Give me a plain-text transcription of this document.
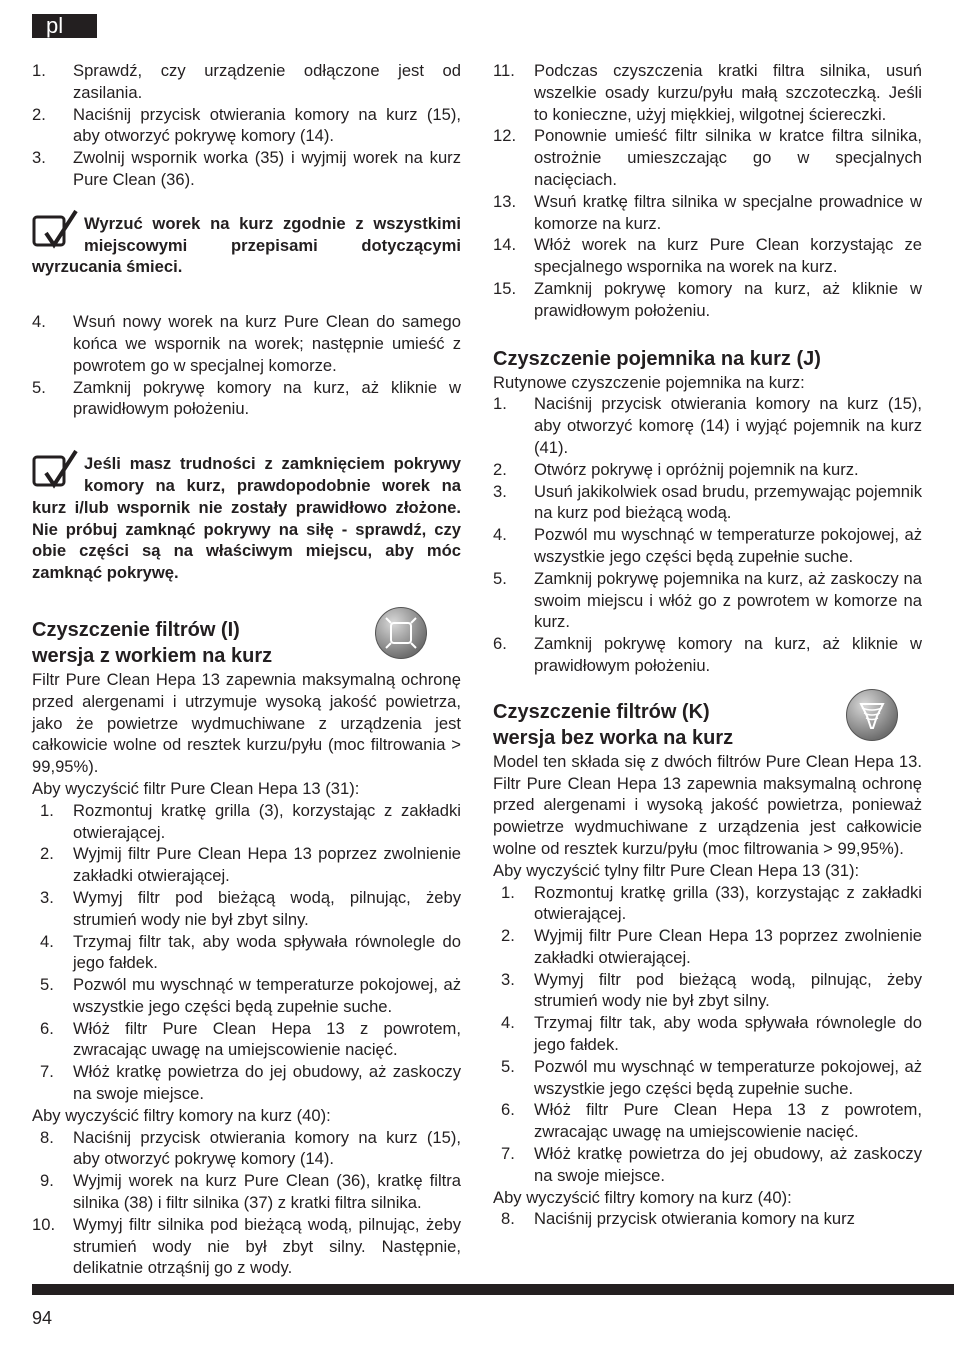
pl
1.	Sprawdź, czy urządzenie odłączone jest od zasilania.
2.	Naciśnij przycisk otwierania komory na kurz (15), aby otworzyć pokrywę komory (14).
3.	Zwolnij wspornik worka (35) i wyjmij worek na kurz Pure Clean (36).

Wyrzuć worek na kurz zgodnie z wszystkimi miejscowymi przepisami dotyczącymi wyrzucania śmieci.

4.	Wsuń nowy worek na kurz Pure Clean do samego końca we wspornik na worek; następnie umieść z powrotem go w specjalnej komorze.
5.	Zamknij pokrywę komory na kurz, aż kliknie w prawidłowym położeniu.

Jeśli masz trudności z zamknięciem pokrywy komory na kurz, prawdopodobnie worek na kurz i/lub wspornik nie zostały prawidłowo złożone. Nie próbuj zamknąć pokrywy na siłę - sprawdź, czy obie części są na właściwym miejscu, aby móc zamknąć pokrywę.

Czyszczenie filtrów (I)
wersja z workiem na kurz

Filtr Pure Clean Hepa 13 zapewnia maksymalną ochronę przed alergenami i utrzymuje wysoką jakość powietrza, jako że powietrze wydmuchiwane z urządzenia jest całkowicie wolne od resztek kurzu/pyłu (moc filtrowania > 99,95%).

Aby wyczyścić filtr Pure Clean Hepa 13 (31):

1.	Rozmontuj kratkę grilla (3), korzystając z zakładki otwierającej.
2.	Wyjmij filtr Pure Clean Hepa 13 poprzez zwolnienie zakładki otwierającej.
3.	Wymyj filtr pod bieżącą wodą, pilnując, żeby strumień wody nie był zbyt silny.
4.	Trzymaj filtr tak, aby woda spływała równolegle do jego fałdek.
5.	Pozwól mu wyschnąć w temperaturze pokojowej, aż wszystkie jego części będą zupełnie suche.
6.	Włóż filtr Pure Clean Hepa 13 z powrotem, zwracając uwagę na umiejscowienie nacięć.
7.	Włóż kratkę powietrza do jej obudowy, aż zaskoczy na swoje miejsce.

Aby wyczyścić filtry komory na kurz (40):

8.	Naciśnij przycisk otwierania komory na kurz (15), aby otworzyć pokrywę komory (14).
9.	Wyjmij worek na kurz Pure Clean (36), kratkę filtra silnika (38) i filtr silnika (37) z kratki filtra silnika.
10.	Wymyj filtr silnika pod bieżącą wodą, pilnując, żeby strumień wody nie był zbyt silny. Następnie, delikatnie otrząśnij go z wody.
11.	Podczas czyszczenia kratki filtra silnika, usuń wszelkie osady kurzu/pyłu małą szczoteczką. Jeśli to konieczne, użyj miękkiej, wilgotnej ściereczki.
12.	Ponownie umieść filtr silnika w kratce filtra silnika, ostrożnie umieszczając go w specjalnych nacięciach.
13.	Wsuń kratkę filtra silnika w specjalne prowadnice w komorze na kurz.
14.	Włóż worek na kurz Pure Clean korzystając ze specjalnego wspornika na worek na kurz.
15.	Zamknij pokrywę komory na kurz, aż kliknie w prawidłowym położeniu.
Czyszczenie pojemnika na kurz (J)

Rutynowe czyszczenie pojemnika na kurz:

1.	Naciśnij przycisk otwierania komory na kurz (15), aby otworzyć komorę (14) i wyjąć pojemnik na kurz (41).
2.	Otwórz pokrywę i opróżnij pojemnik na kurz.
3.	Usuń jakikolwiek osad brudu, przemywając pojemnik na kurz pod bieżącą wodą.
4.	Pozwól mu wyschnąć w temperaturze pokojowej, aż wszystkie jego części będą zupełnie suche.
5.	Zamknij pokrywę pojemnika na kurz, aż zaskoczy na swoim miejscu i włóż go z powrotem w komorze na kurz.
6.	Zamknij pokrywę komory na kurz, aż kliknie w prawidłowym położeniu.
Czyszczenie filtrów (K)
wersja bez worka na kurz

Model ten składa się z dwóch filtrów Pure Clean Hepa 13. Filtr Pure Clean Hepa 13 zapewnia maksymalną ochronę przed alergenami i wysoką jakość powietrza, ponieważ powietrze wydmuchiwane z urządzenia jest całkowicie wolne od resztek kurzu/pyłu (moc filtrowania > 99,95%).

Aby wyczyścić tylny filtr Pure Clean Hepa 13 (31):

1.	Rozmontuj kratkę grilla (33), korzystając z zakładki otwierającej.
2.	Wyjmij filtr Pure Clean Hepa 13 poprzez zwolnienie zakładki otwierającej.
3.	Wymyj filtr pod bieżącą wodą, pilnując, żeby strumień wody nie był zbyt silny.
4.	Trzymaj filtr tak, aby woda spływała równolegle do jego fałdek.
5.	Pozwól mu wyschnąć w temperaturze pokojowej, aż wszystkie jego części będą zupełnie suche.
6.	Włóż filtr Pure Clean Hepa 13 z powrotem, zwracając uwagę na umiejscowienie nacięć.
7.	Włóż kratkę powietrza do jej obudowy, aż zaskoczy na swoje miejsce.

Aby wyczyścić filtry komory na kurz (40):

8.	Naciśnij przycisk otwierania komory na kurz
94
